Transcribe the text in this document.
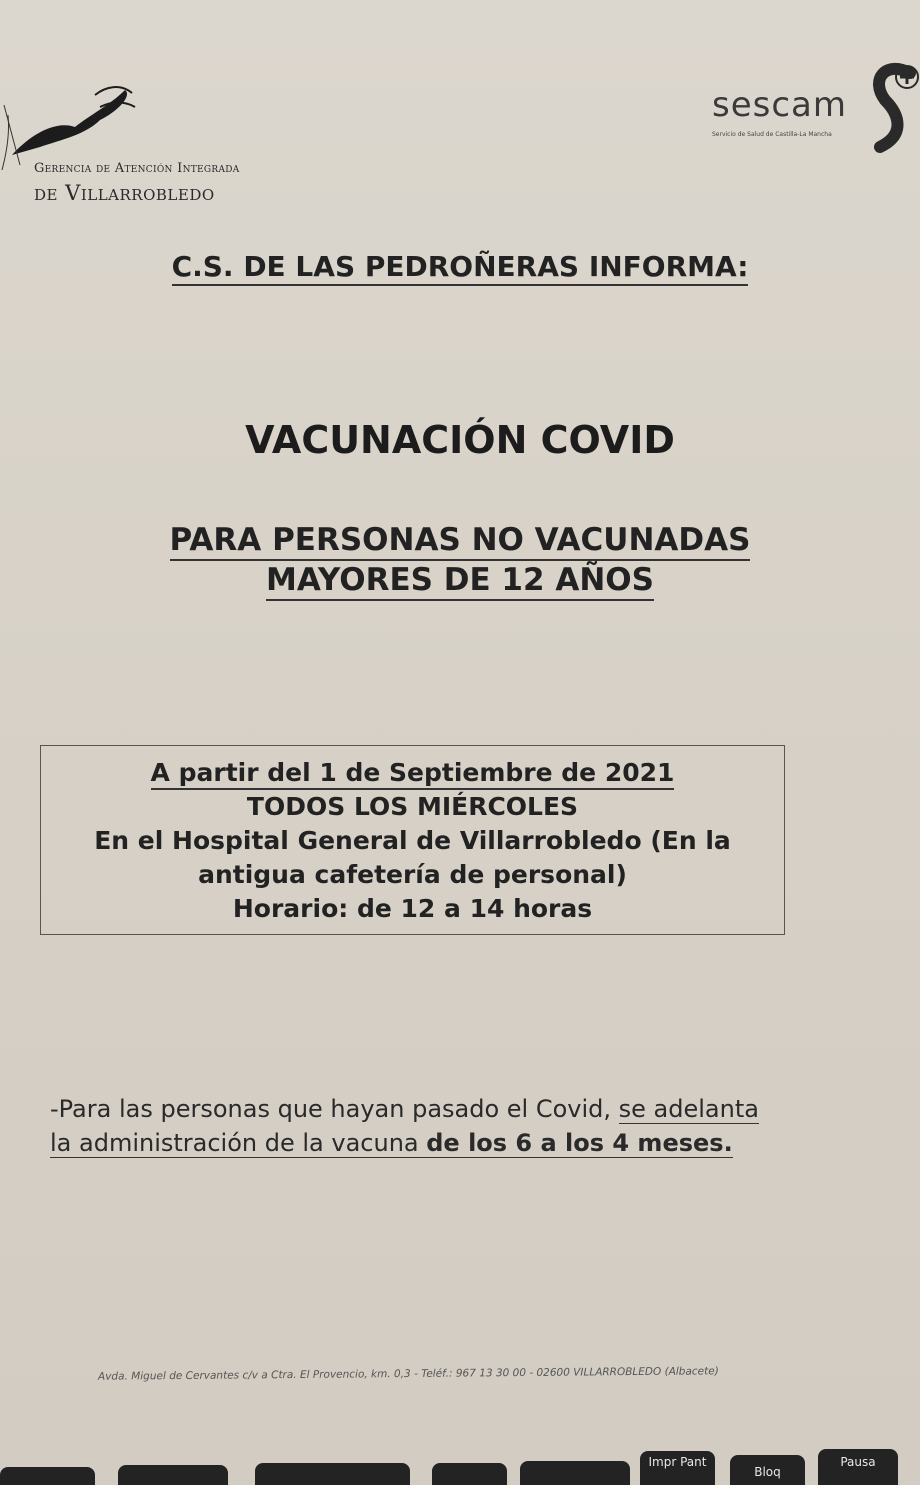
Gerencia de Atención Integrada
de Villarrobledo
sescam
Servicio de Salud de Castilla-La Mancha
C.S. DE LAS PEDROÑERAS INFORMA:
VACUNACIÓN COVID
PARA PERSONAS NO VACUNADAS
MAYORES DE 12 AÑOS
A partir del 1 de Septiembre de 2021
TODOS LOS MIÉRCOLES
En el Hospital General de Villarrobledo (En la
antigua cafetería de personal)
Horario: de 12 a 14 horas
-Para las personas que hayan pasado el Covid, se adelanta
la administración de la vacuna de los 6 a los 4 meses.
Avda. Miguel de Cervantes c/v a Ctra. El Provencio, km. 0,3 - Teléf.: 967 13 30 00 - 02600 VILLARROBLEDO (Albacete)
Impr Pant
Bloq
Pausa
